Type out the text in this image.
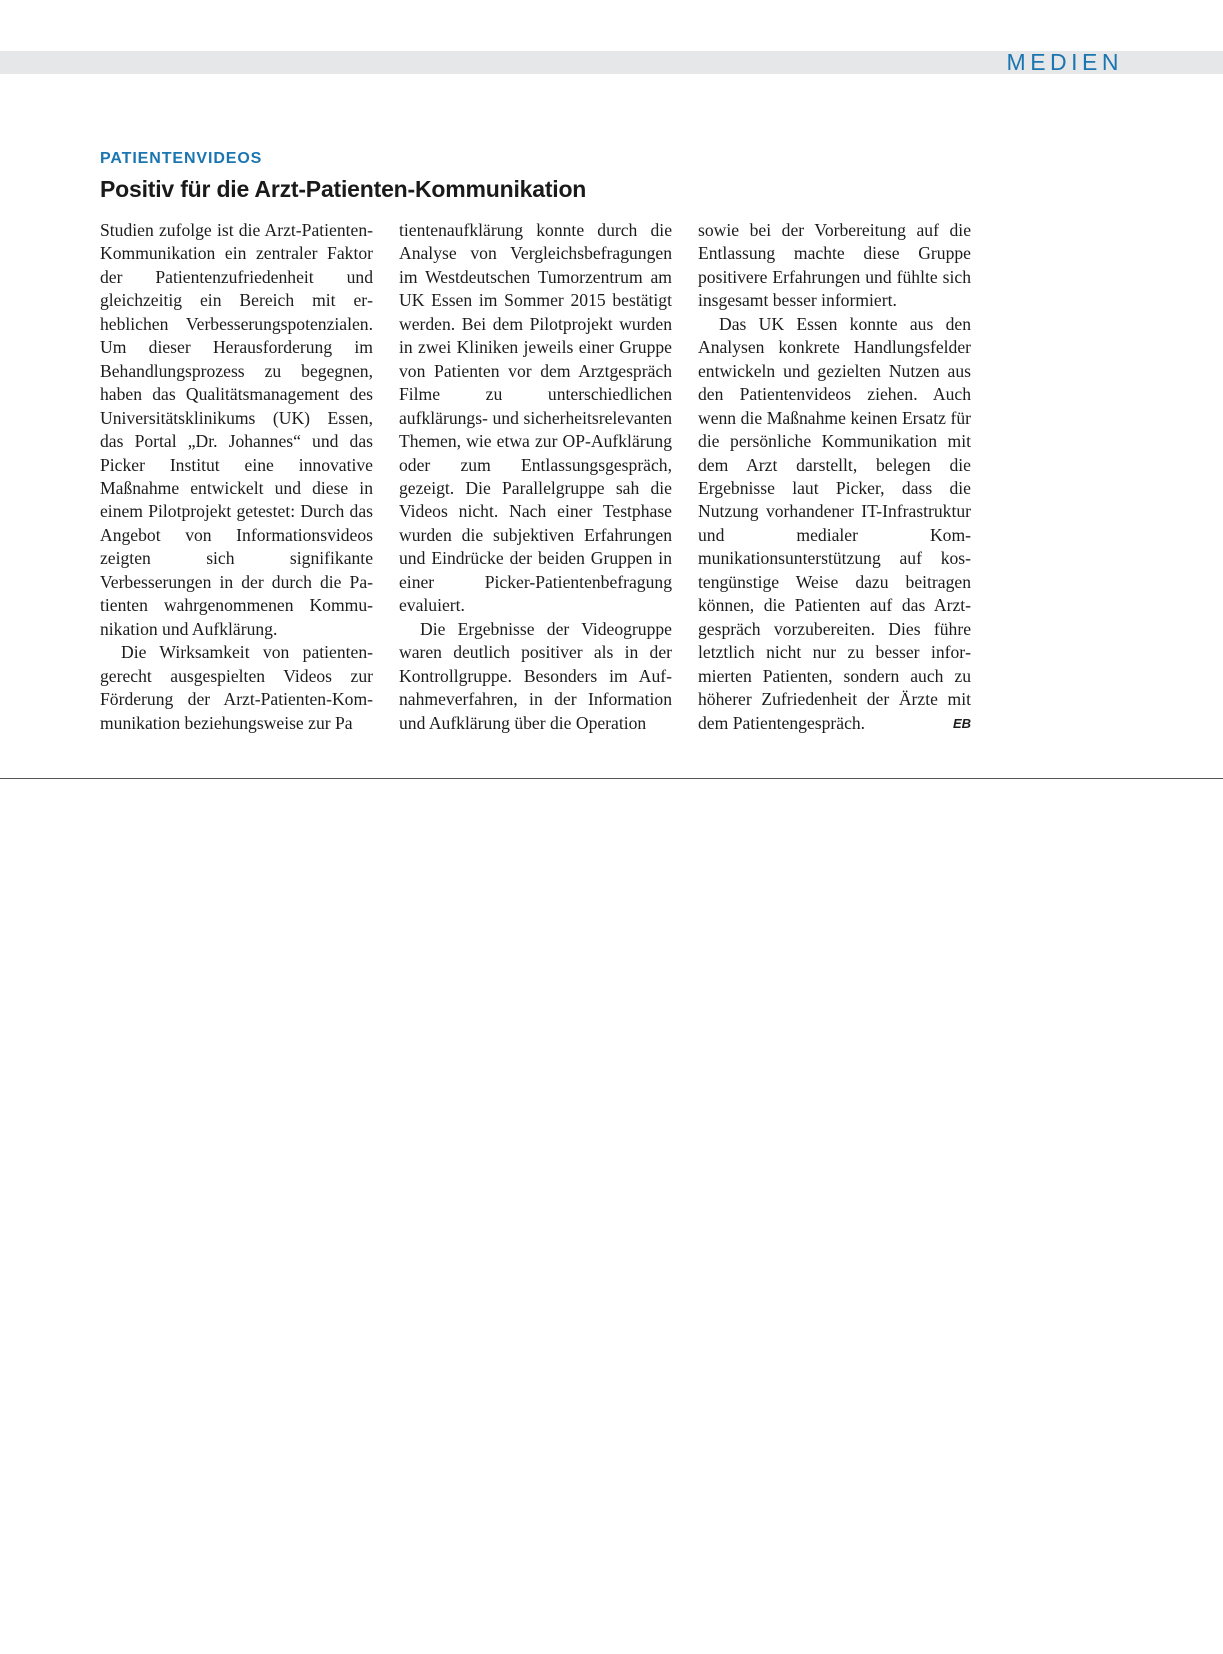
MEDIEN
PATIENTENVIDEOS
Positiv für die Arzt-Patienten-Kommunikation

Studien zufolge ist die Arzt-Patienten-Kommunikation ein zentraler Faktor der Patientenzufriedenheit und gleichzeitig ein Bereich mit erheblichen Verbesserungspotenzialen. Um dieser Herausforderung im Behandlungsprozess zu begegnen, haben das Qualitätsmanagement des Universitätsklinikums (UK) Essen, das Portal „Dr. Johannes“ und das Picker Institut eine innovative Maßnahme entwickelt und diese in einem Pilotprojekt getestet: Durch das Angebot von Informationsvideos zeigten sich signifikante Verbesserungen in der durch die Patienten wahrgenommenen Kommunikation und Aufklärung.

Die Wirksamkeit von patientengerecht ausgespielten Videos zur Förderung der Arzt-Patienten-Kommunikation beziehungsweise zur Pa

tientenaufklärung konnte durch die Analyse von Vergleichsbefragungen im Westdeutschen Tumorzentrum am UK Essen im Sommer 2015 bestätigt werden. Bei dem Pilotprojekt wurden in zwei Kliniken jeweils einer Gruppe von Patienten vor dem Arztgespräch Filme zu unterschiedlichen aufklärungs- und sicherheitsrelevanten Themen, wie etwa zur OP-Aufklärung oder zum Entlassungsgespräch, gezeigt. Die Parallelgruppe sah die Videos nicht. Nach einer Testphase wurden die subjektiven Erfahrungen und Eindrücke der beiden Gruppen in einer Picker-Patientenbefragung evaluiert.

Die Ergebnisse der Videogruppe waren deutlich positiver als in der Kontrollgruppe. Besonders im Aufnahmeverfahren, in der Information und Aufklärung über die Operation

sowie bei der Vorbereitung auf die Entlassung machte diese Gruppe positivere Erfahrungen und fühlte sich insgesamt besser informiert.

Das UK Essen konnte aus den Analysen konkrete Handlungsfelder entwickeln und gezielten Nutzen aus den Patientenvideos ziehen. Auch wenn die Maßnahme keinen Ersatz für die persönliche Kommunikation mit dem Arzt darstellt, belegen die Ergebnisse laut Picker, dass die Nutzung vorhandener IT-Infrastruktur und medialer Kommunikationsunterstützung auf kostengünstige Weise dazu beitragen können, die Patienten auf das Arztgespräch vorzubereiten. Dies führe letztlich nicht nur zu besser informierten Patienten, sondern auch zu höherer Zufriedenheit der Ärzte mit dem Patientengespräch.	EB
